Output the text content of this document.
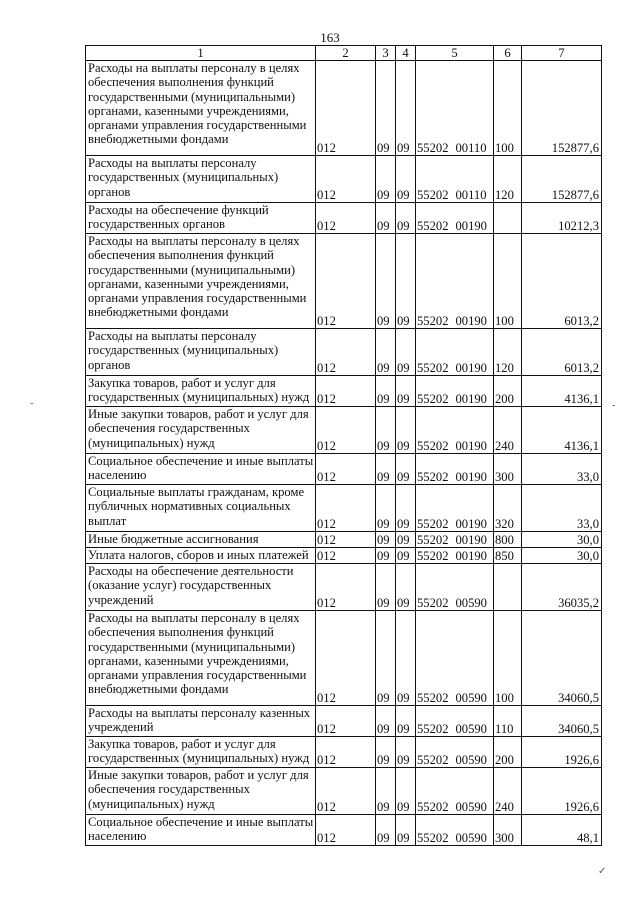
163
1	2	3	4	5	6	7
Расходы на выплаты персоналу в целях обеспечения выполнения функций государственными (муниципальными) органами, казенными учреждениями, органами управления государственными внебюджетными фондами	012	09	09	55202 00110	100	152877,6
Расходы на выплаты персоналу государственных (муниципальных) органов	012	09	09	55202 00110	120	152877,6
Расходы на обеспечение функций государственных органов	012	09	09	55202 00190		10212,3
Расходы на выплаты персоналу в целях обеспечения выполнения функций государственными (муниципальными) органами, казенными учреждениями, органами управления государственными внебюджетными фондами	012	09	09	55202 00190	100	6013,2
Расходы на выплаты персоналу государственных (муниципальных) органов	012	09	09	55202 00190	120	6013,2
Закупка товаров, работ и услуг для государственных (муниципальных) нужд	012	09	09	55202 00190	200	4136,1
Иные закупки товаров, работ и услуг для обеспечения государственных (муниципальных) нужд	012	09	09	55202 00190	240	4136,1
Социальное обеспечение и иные выплаты населению	012	09	09	55202 00190	300	33,0
Социальные выплаты гражданам, кроме публичных нормативных социальных выплат	012	09	09	55202 00190	320	33,0
Иные бюджетные ассигнования	012	09	09	55202 00190	800	30,0
Уплата налогов, сборов и иных платежей	012	09	09	55202 00190	850	30,0
Расходы на обеспечение деятельности (оказание услуг) государственных учреждений	012	09	09	55202 00590		36035,2
Расходы на выплаты персоналу в целях обеспечения выполнения функций государственными (муниципальными) органами, казенными учреждениями, органами управления государственными внебюджетными фондами	012	09	09	55202 00590	100	34060,5
Расходы на выплаты персоналу казенных учреждений	012	09	09	55202 00590	110	34060,5
Закупка товаров, работ и услуг для государственных (муниципальных) нужд	012	09	09	55202 00590	200	1926,6
Иные закупки товаров, работ и услуг для обеспечения государственных (муниципальных) нужд	012	09	09	55202 00590	240	1926,6
Социальное обеспечение и иные выплаты населению	012	09	09	55202 00590	300	48,1
-	-
✓
